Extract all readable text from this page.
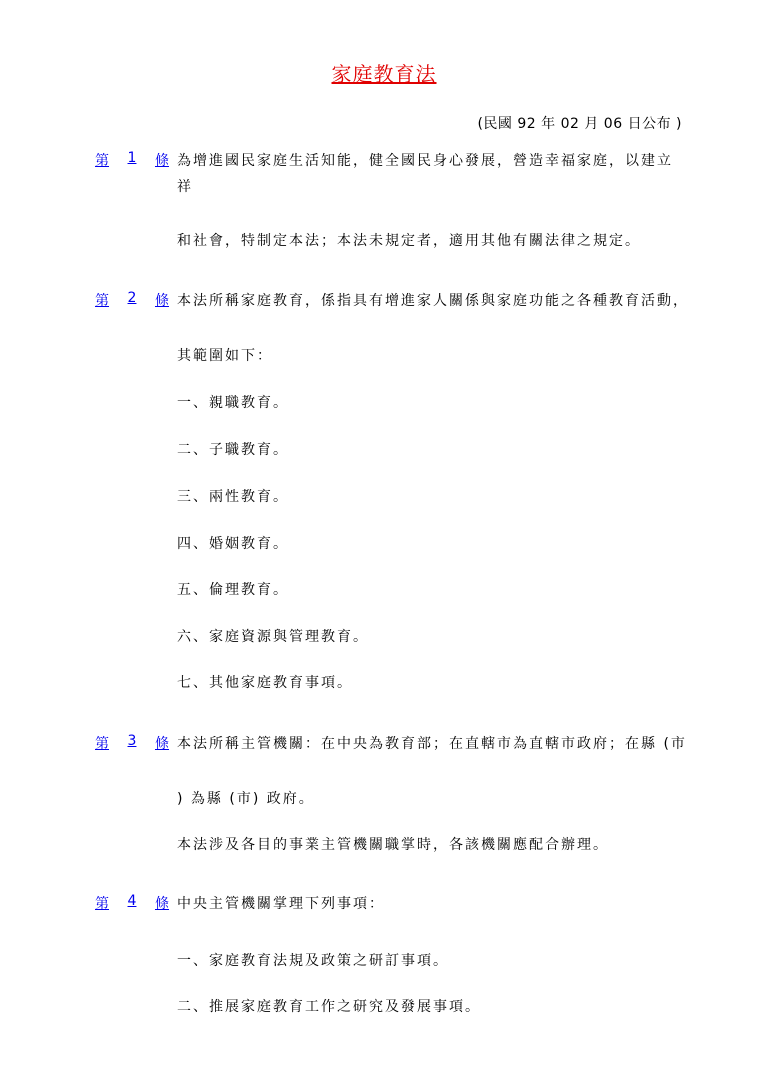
家庭教育法
(民國 92 年 02 月 06 日公布 )
第 1 條 為增進國民家庭生活知能，健全國民身心發展，營造幸福家庭，以建立
祥
和社會，特制定本法；本法未規定者，適用其他有關法律之規定。
第 2 條 本法所稱家庭教育，係指具有增進家人關係與家庭功能之各種教育活動，
其範圍如下：
一、親職教育。
二、子職教育。
三、兩性教育。
四、婚姻教育。
五、倫理教育。
六、家庭資源與管理教育。
七、其他家庭教育事項。
第 3 條 本法所稱主管機關：在中央為教育部；在直轄市為直轄市政府；在縣 (市
) 為縣 (市) 政府。
本法涉及各目的事業主管機關職掌時，各該機關應配合辦理。
第 4 條 中央主管機關掌理下列事項：
一、家庭教育法規及政策之研訂事項。
二、推展家庭教育工作之研究及發展事項。
